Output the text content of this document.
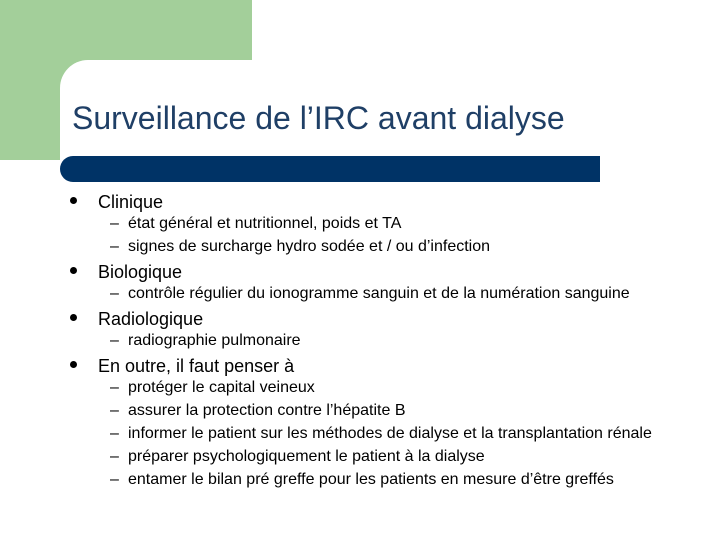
Surveillance de l’IRC avant dialyse
Clinique
– état général et nutritionnel, poids et TA
– signes de surcharge hydro sodée et / ou d’infection
Biologique
– contrôle régulier du ionogramme sanguin et de la numération sanguine
Radiologique
– radiographie pulmonaire
En outre, il faut penser à
– protéger le capital veineux
– assurer la protection contre l’hépatite B
– informer le patient sur les méthodes de dialyse et la transplantation rénale
– préparer psychologiquement le patient à la dialyse
– entamer le bilan pré greffe pour les patients en mesure d’être greffés
